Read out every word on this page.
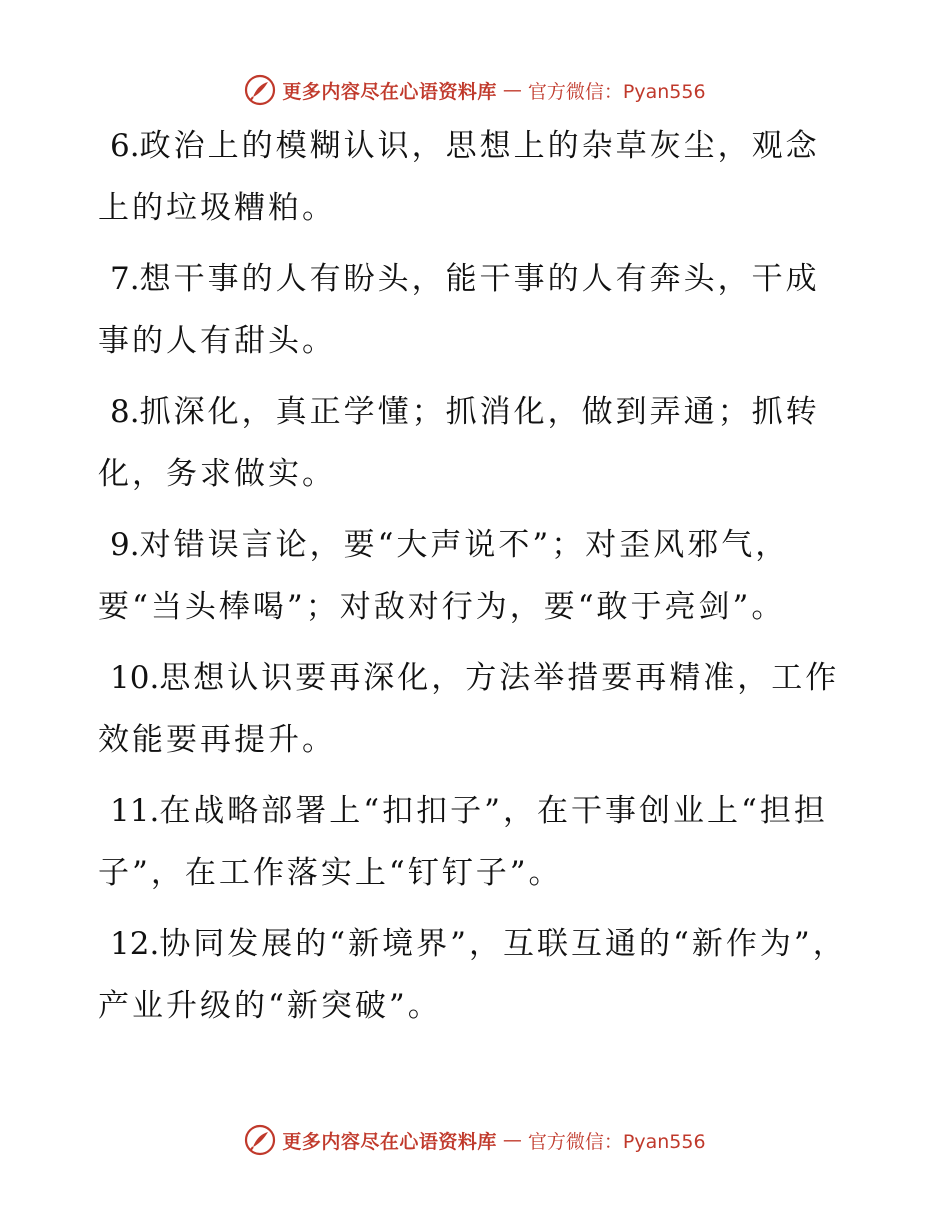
更多内容尽在心语资料库 — 官方微信：Pyan556

6.政治上的模糊认识，思想上的杂草灰尘，观念上的垃圾糟粕。

7.想干事的人有盼头，能干事的人有奔头，干成事的人有甜头。

8.抓深化，真正学懂；抓消化，做到弄通；抓转化，务求做实。

9.对错误言论，要“大声说不”；对歪风邪气，要“当头棒喝”；对敌对行为，要“敢于亮剑”。

10.思想认识要再深化，方法举措要再精准，工作效能要再提升。

11.在战略部署上“扣扣子”，在干事创业上“担担子”，在工作落实上“钉钉子”。

12.协同发展的“新境界”，互联互通的“新作为”，产业升级的“新突破”。

更多内容尽在心语资料库 — 官方微信：Pyan556
